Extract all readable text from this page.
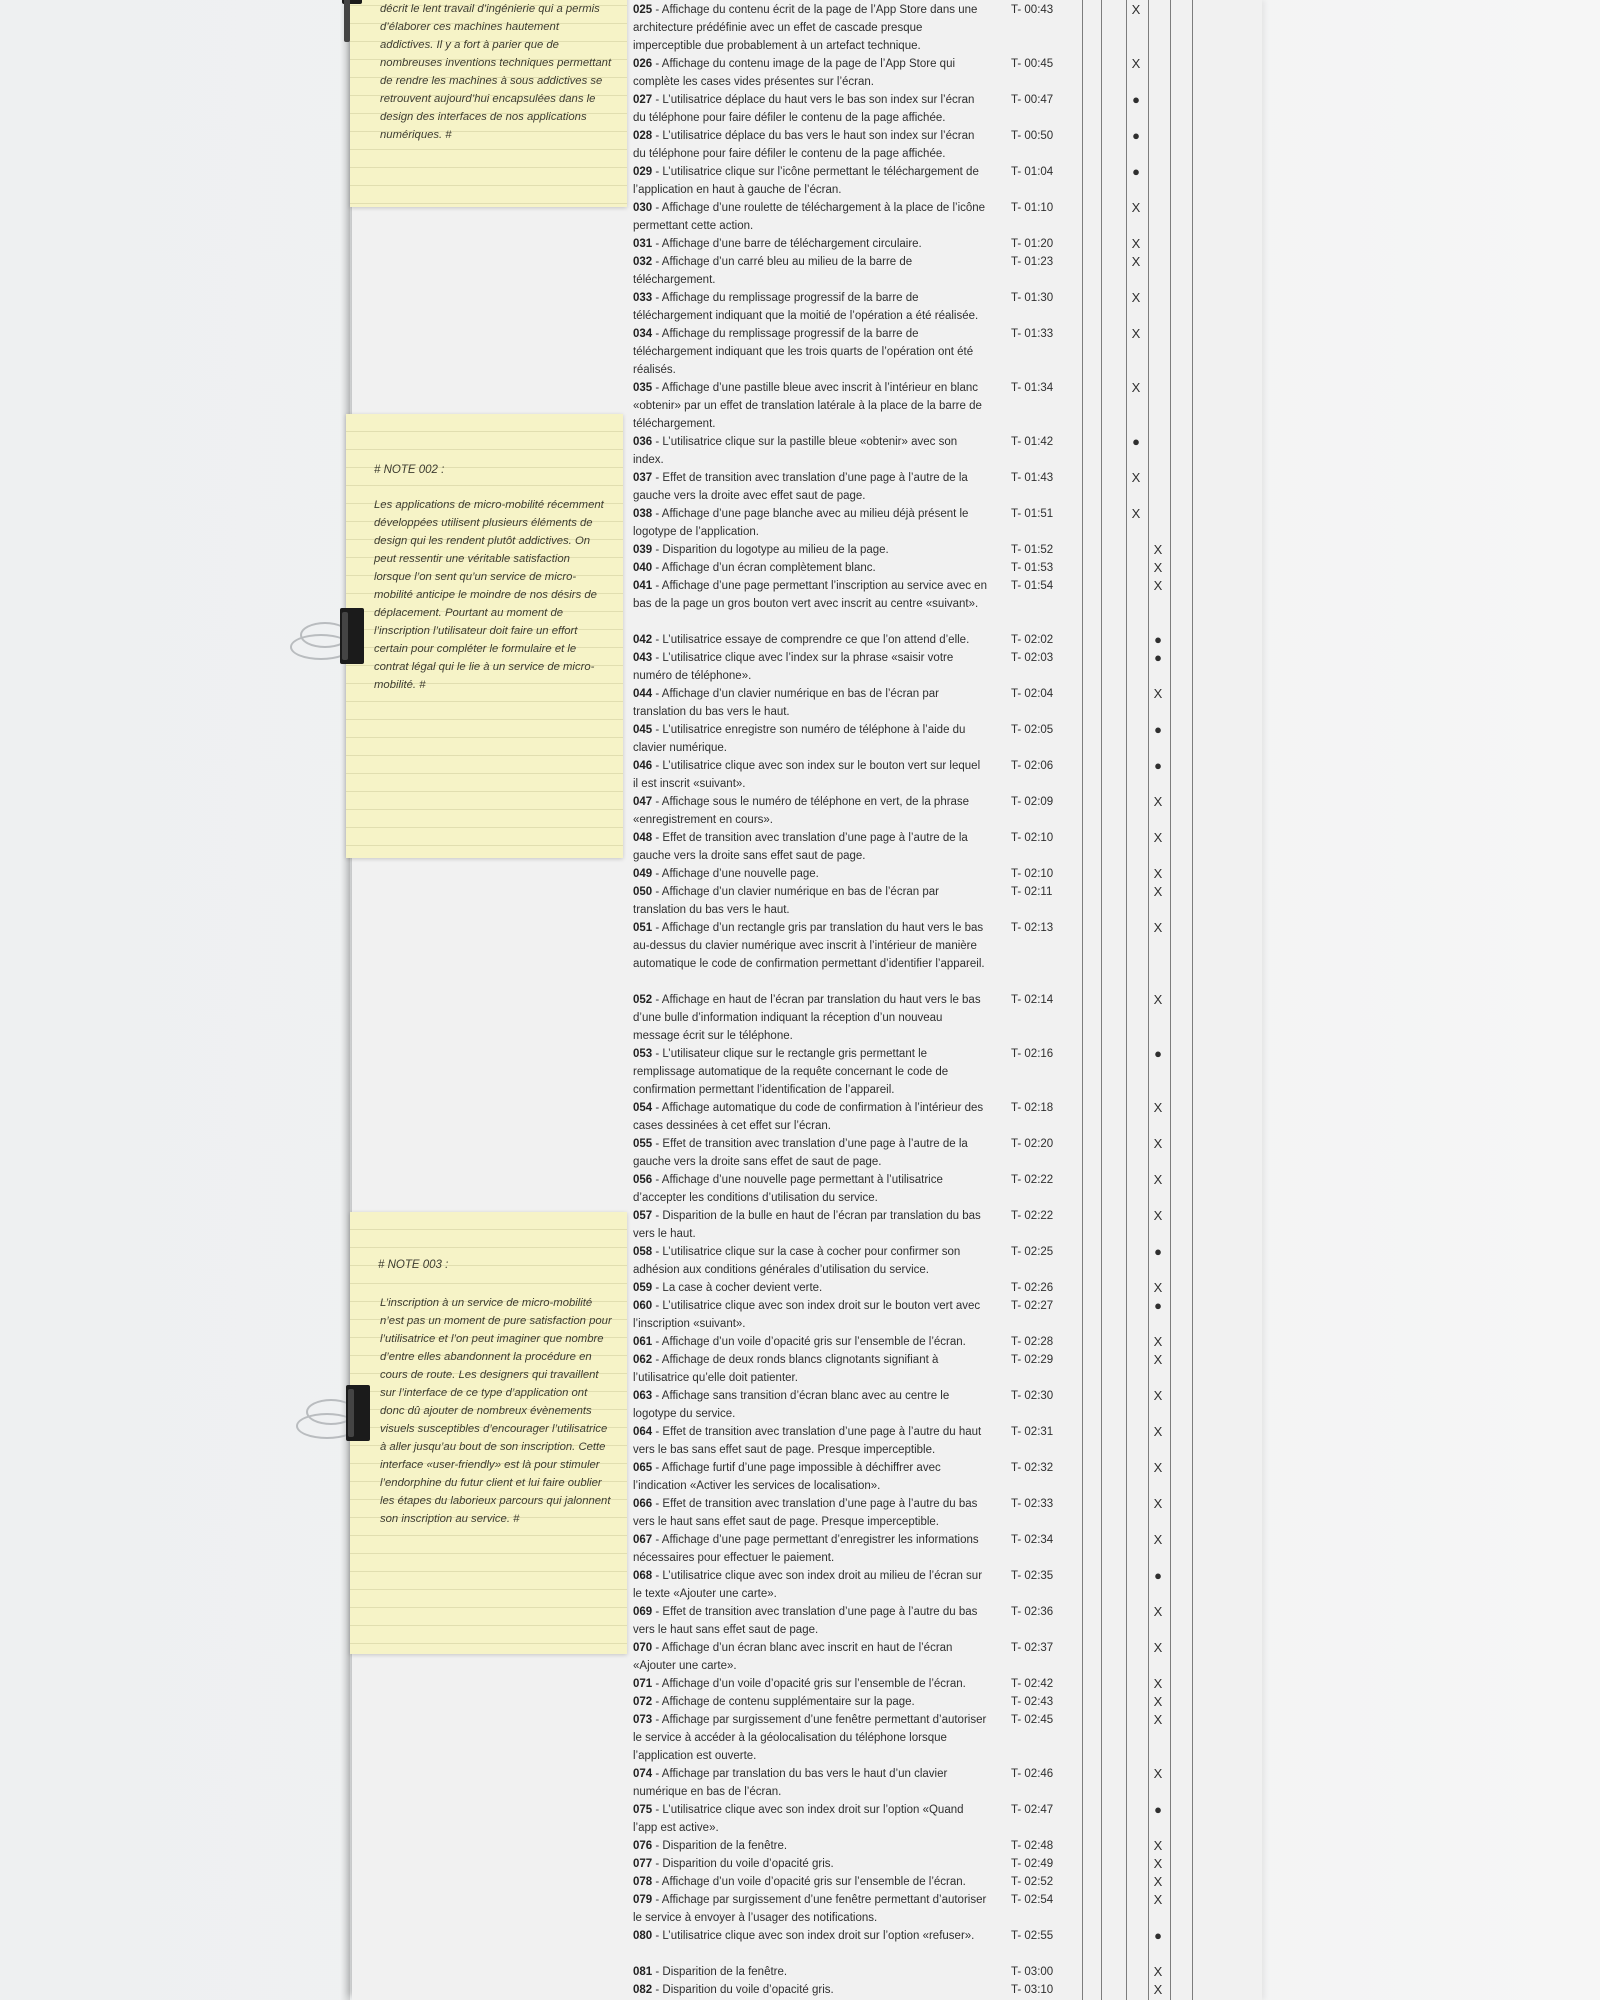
025 - Affichage du contenu écrit de la page de l’App Store dans une architecture prédéfinie avec un effet de cascade presque imperceptible due probablement à un artefact technique.
T- 00:43	X
026 - Affichage du contenu image de la page de l’App Store qui complète les cases vides présentes sur l’écran.
T- 00:45	X
027 - L’utilisatrice déplace du haut vers le bas son index sur l’écran du téléphone pour faire défiler le contenu de la page affichée.
T- 00:47	●
028 - L’utilisatrice déplace du bas vers le haut son index sur l’écran du téléphone pour faire défiler le contenu de la page affichée.
T- 00:50	●
029 - L’utilisatrice clique sur l’icône permettant le téléchargement de l’application en haut à gauche de l’écran.
T- 01:04	●
030 - Affichage d’une roulette de téléchargement à la place de l’icône permettant cette action.
T- 01:10	X
031 - Affichage d’une barre de téléchargement circulaire.	T- 01:20	X
032 - Affichage d’un carré bleu au milieu de la barre de téléchargement.
T- 01:23	X
033 - Affichage du remplissage progressif de la barre de téléchargement indiquant que la moitié de l’opération a été réalisée.
T- 01:30	X
034 - Affichage du remplissage progressif de la barre de téléchargement indiquant que les trois quarts de l’opération ont été réalisés.
T- 01:33	X
035 - Affichage d’une pastille bleue avec inscrit à l’intérieur en blanc «obtenir» par un effet de translation latérale à la place de la barre de téléchargement.
T- 01:34	X
036 - L’utilisatrice clique sur la pastille bleue «obtenir» avec son index.
T- 01:42	●
037 - Effet de transition avec translation d’une page à l’autre de la gauche vers la droite avec effet saut de page.
T- 01:43	X
038 - Affichage d’une page blanche avec au milieu déjà présent le logotype de l’application.
T- 01:51	X
039 - Disparition du logotype au milieu de la page.	T- 01:52	X
040 - Affichage d’un écran complètement blanc.	T- 01:53	X
041 - Affichage d’une page permettant l’inscription au service avec en bas de la page un gros bouton vert avec inscrit au centre «suivant».
T- 01:54	X
042 - L’utilisatrice essaye de comprendre ce que l’on attend d’elle.	T- 02:02	●
043 - L’utilisatrice clique avec l’index sur la phrase «saisir votre numéro de téléphone».
T- 02:03	●
044 - Affichage d’un clavier numérique en bas de l’écran par translation du bas vers le haut.
T- 02:04	X
045 - L’utilisatrice enregistre son numéro de téléphone à l’aide du clavier numérique.
T- 02:05	●
046 - L’utilisatrice clique avec son index sur le bouton vert sur lequel il est inscrit «suivant».
T- 02:06	●
047 - Affichage sous le numéro de téléphone en vert, de la phrase «enregistrement en cours».
T- 02:09	X
048 - Effet de transition avec translation d’une page à l’autre de la gauche vers la droite sans effet saut de page.
T- 02:10	X
049 - Affichage d’une nouvelle page.	T- 02:10	X
050 - Affichage d’un clavier numérique en bas de l’écran par translation du bas vers le haut.
T- 02:11	X
051 - Affichage d’un rectangle gris par translation du haut vers le bas au-dessus du clavier numérique avec inscrit à l’intérieur de manière automatique le code de confirmation permettant d’identifier l’appareil.
T- 02:13	X
052 - Affichage en haut de l’écran par translation du haut vers le bas d’une bulle d’information indiquant la réception d’un nouveau message écrit sur le téléphone.
T- 02:14	X
053 - L’utilisateur clique sur le rectangle gris permettant le remplissage automatique de la requête concernant le code de confirmation permettant l’identification de l’appareil.
T- 02:16	●
054 - Affichage automatique du code de confirmation à l’intérieur des cases dessinées à cet effet sur l’écran.
T- 02:18	X
055 - Effet de transition avec translation d’une page à l’autre de la gauche vers la droite sans effet de saut de page.
T- 02:20	X
056 - Affichage d’une nouvelle page permettant à l’utilisatrice d’accepter les conditions d’utilisation du service.
T- 02:22	X
057 - Disparition de la bulle en haut de l’écran par translation du bas vers le haut.
T- 02:22	X
058 - L’utilisatrice clique sur la case à cocher pour confirmer son adhésion aux conditions générales d’utilisation du service.
T- 02:25	●
059 - La case à cocher devient verte.	T- 02:26	X
060 - L’utilisatrice clique avec son index droit sur le bouton vert avec l’inscription «suivant».
T- 02:27	●
061 - Affichage d’un voile d’opacité gris sur l’ensemble de l’écran.	T- 02:28	X
062 - Affichage de deux ronds blancs clignotants signifiant à l’utilisatrice qu’elle doit patienter.
T- 02:29	X
063 - Affichage sans transition d’écran blanc avec au centre le logotype du service.
T- 02:30	X
064 - Effet de transition avec translation d’une page à l’autre du haut vers le bas sans effet saut de page. Presque imperceptible.
T- 02:31	X
065 - Affichage furtif d’une page impossible à déchiffrer avec l’indication «Activer les services de localisation».
T- 02:32	X
066 - Effet de transition avec translation d’une page à l’autre du bas vers le haut sans effet saut de page. Presque imperceptible.
T- 02:33	X
067 - Affichage d’une page permettant d’enregistrer les informations nécessaires pour effectuer le paiement.
T- 02:34	X
068 - L’utilisatrice clique avec son index droit au milieu de l’écran sur le texte «Ajouter une carte».
T- 02:35	●
069 - Effet de transition avec translation d’une page à l’autre du bas vers le haut sans effet saut de page.
T- 02:36	X
070 - Affichage d’un écran blanc avec inscrit en haut de l’écran «Ajouter une carte».
T- 02:37	X
071 - Affichage d’un voile d’opacité gris sur l’ensemble de l’écran.	T- 02:42	X
072 - Affichage de contenu supplémentaire sur la page.	T- 02:43	X
073 - Affichage par surgissement d’une fenêtre permettant d’autoriser le service à accéder à la géolocalisation du téléphone lorsque l’application est ouverte.
T- 02:45	X
074 - Affichage par translation du bas vers le haut d’un clavier numérique en bas de l’écran.
T- 02:46	X
075 - L’utilisatrice clique avec son index droit sur l’option «Quand l’app est active».
T- 02:47	●
076 - Disparition de la fenêtre.	T- 02:48	X
077 - Disparition du voile d’opacité gris.	T- 02:49	X
078 - Affichage d’un voile d’opacité gris sur l’ensemble de l’écran.	T- 02:52	X
079 - Affichage par surgissement d’une fenêtre permettant d’autoriser le service à envoyer à l’usager des notifications.
T- 02:54	X
080 - L’utilisatrice clique avec son index droit sur l’option «refuser».	T- 02:55	●
081 - Disparition de la fenêtre.	T- 03:00	X
082 - Disparition du voile d’opacité gris.	T- 03:10	X
décrit le lent travail d’ingénierie qui a permis d’élaborer ces machines hautement addictives. Il y a fort à parier que de nombreuses inventions techniques permettant de rendre les machines à sous addictives se retrouvent aujourd’hui encapsulées dans le design des interfaces de nos applications numériques. #
# NOTE 002 :
Les applications de micro-mobilité récemment développées utilisent plusieurs éléments de design qui les rendent plutôt addictives. On peut ressentir une véritable satisfaction lorsque l’on sent qu’un service de micro-mobilité anticipe le moindre de nos désirs de déplacement. Pourtant au moment de l’inscription l’utilisateur doit faire un effort certain pour compléter le formulaire et le contrat légal qui le lie à un service de micro-mobilité. #
# NOTE 003 :
L’inscription à un service de micro-mobilité n’est pas un moment de pure satisfaction pour l’utilisatrice et l’on peut imaginer que nombre d’entre elles abandonnent la procédure en cours de route. Les designers qui travaillent sur l’interface de ce type d’application ont donc dû ajouter de nombreux évènements visuels susceptibles d’encourager l’utilisatrice à aller jusqu’au bout de son inscription. Cette interface «user-friendly» est là pour stimuler l’endorphine du futur client et lui faire oublier les étapes du laborieux parcours qui jalonnent son inscription au service. #
